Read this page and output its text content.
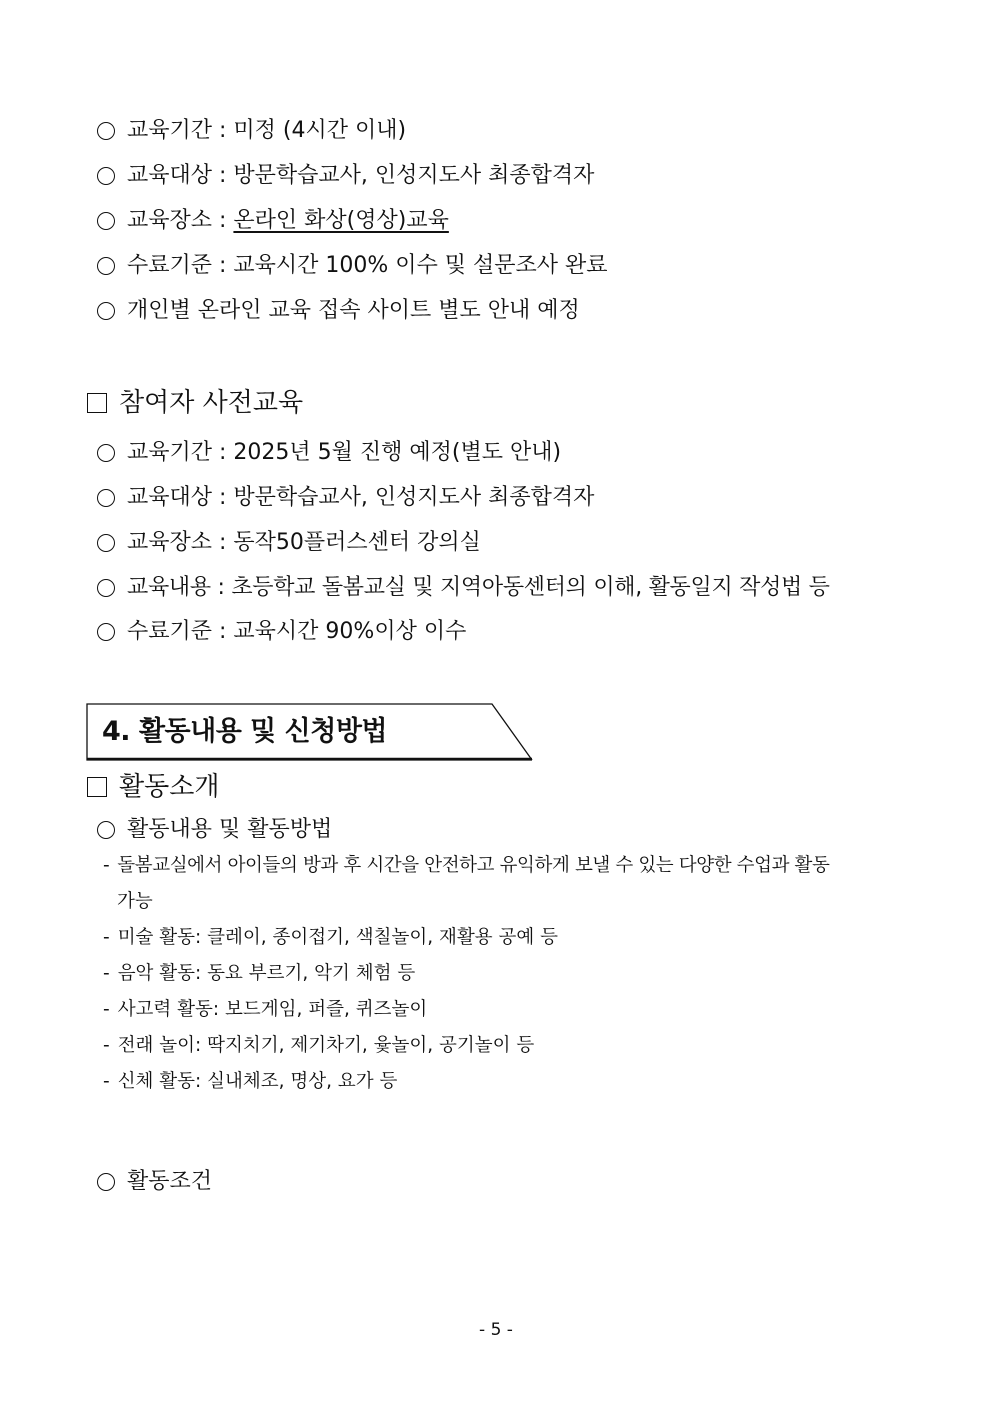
교육기간 : 미정 (4시간 이내)
교육대상 : 방문학습교사, 인성지도사 최종합격자
교육장소 : 온라인 화상(영상)교육
수료기준 : 교육시간 100% 이수 및 설문조사 완료
개인별 온라인 교육 접속 사이트 별도 안내 예정
참여자 사전교육
교육기간 : 2025년 5월 진행 예정(별도 안내)
교육대상 : 방문학습교사, 인성지도사 최종합격자
교육장소 : 동작50플러스센터 강의실
교육내용 : 초등학교 돌봄교실 및 지역아동센터의 이해, 활동일지 작성법 등
수료기준 : 교육시간 90%이상 이수
4. 활동내용 및 신청방법
활동소개
활동내용 및 활동방법
- 돌봄교실에서 아이들의 방과 후 시간을 안전하고 유익하게 보낼 수 있는 다양한 수업과 활동
가능
- 미술 활동: 클레이, 종이접기, 색칠놀이, 재활용 공예 등
- 음악 활동: 동요 부르기, 악기 체험 등
- 사고력 활동: 보드게임, 퍼즐, 퀴즈놀이
- 전래 놀이: 딱지치기, 제기차기, 윷놀이, 공기놀이 등
- 신체 활동: 실내체조, 명상, 요가 등
활동조건
- 5 -
